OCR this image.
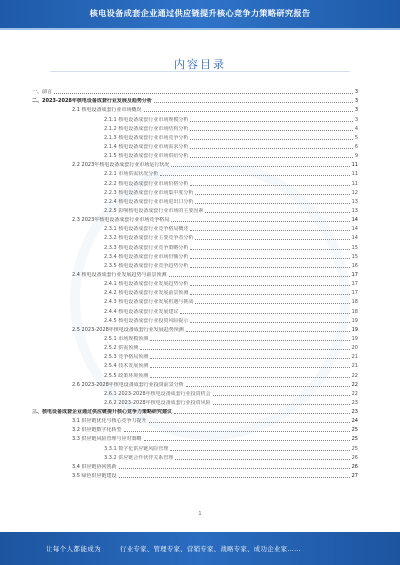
核电设备成套企业通过供应链提升核心竞争力策略研究报告
内容目录
一、前言	3
二、2023-2028年核电设备成套行业发展及趋势分析	3
2.1 核电设备成套行业市场概况	3
2.1.1 核电设备成套行业市场规模分析	3
2.1.2 核电设备成套行业市场结构分析	4
2.1.3 核电设备成套行业市场竞争分析	5
2.1.4 核电设备成套行业市场需求分析	6
2.1.5 核电设备成套行业市场供给分析	9
2.2 2023年核电设备成套行业市场运行状况	11
2.2.1 市场供需状况分析	11
2.2.2 核电设备成套行业市场价格分析	11
2.2.3 核电设备成套行业市场集中度分析	12
2.2.4 核电设备成套行业市场进出口分析	13
2.2.5 影响核电设备成套行业市场的主要因素	13
2.3 2023年核电设备成套行业市场竞争格局	14
2.3.1 核电设备成套行业竞争格局概述	14
2.3.2 核电设备成套行业主要竞争者分析	14
2.3.3 核电设备成套行业竞争策略分析	15
2.3.4 核电设备成套行业市场份额分析	15
2.3.5 核电设备成套行业竞争趋势分析	16
2.4 核电设备成套行业发展趋势与前景预测	17
2.4.1 核电设备成套行业发展趋势分析	17
2.4.2 核电设备成套行业发展前景预测	17
2.4.3 核电设备成套行业发展机遇与挑战	18
2.4.4 核电设备成套行业发展建议	18
2.4.5 核电设备成套行业投资风险提示	19
2.5 2023-2028年核电设备成套行业发展趋势预测	19
2.5.1 市场规模预测	19
2.5.2 供需预测	20
2.5.3 竞争格局预测	21
2.5.4 技术发展预测	21
2.5.5 政策环境预测	22
2.6 2023-2028年核电设备成套行业投资前景分析	22
2.6.1 2023-2028年核电设备成套行业投资机会	22
2.6.2 2023-2028年核电设备成套行业投资风险	23
三、核电设备成套企业通过供应链提升核心竞争力策略研究建议	23
3.1 供应链优化与核心竞争力提升	24
3.2 供应链数字化转型	25
3.3 供应链风险管理与应对策略	25
3.3.1 数字化供应链风险管理	25
3.3.2 供应链合作伙伴关系管理	26
3.4 供应链协同创新	26
3.5 绿色供应链建设	27
1
让每个人都能成为	行业专家、管理专家、营销专家、战略专家、成功企业家……
